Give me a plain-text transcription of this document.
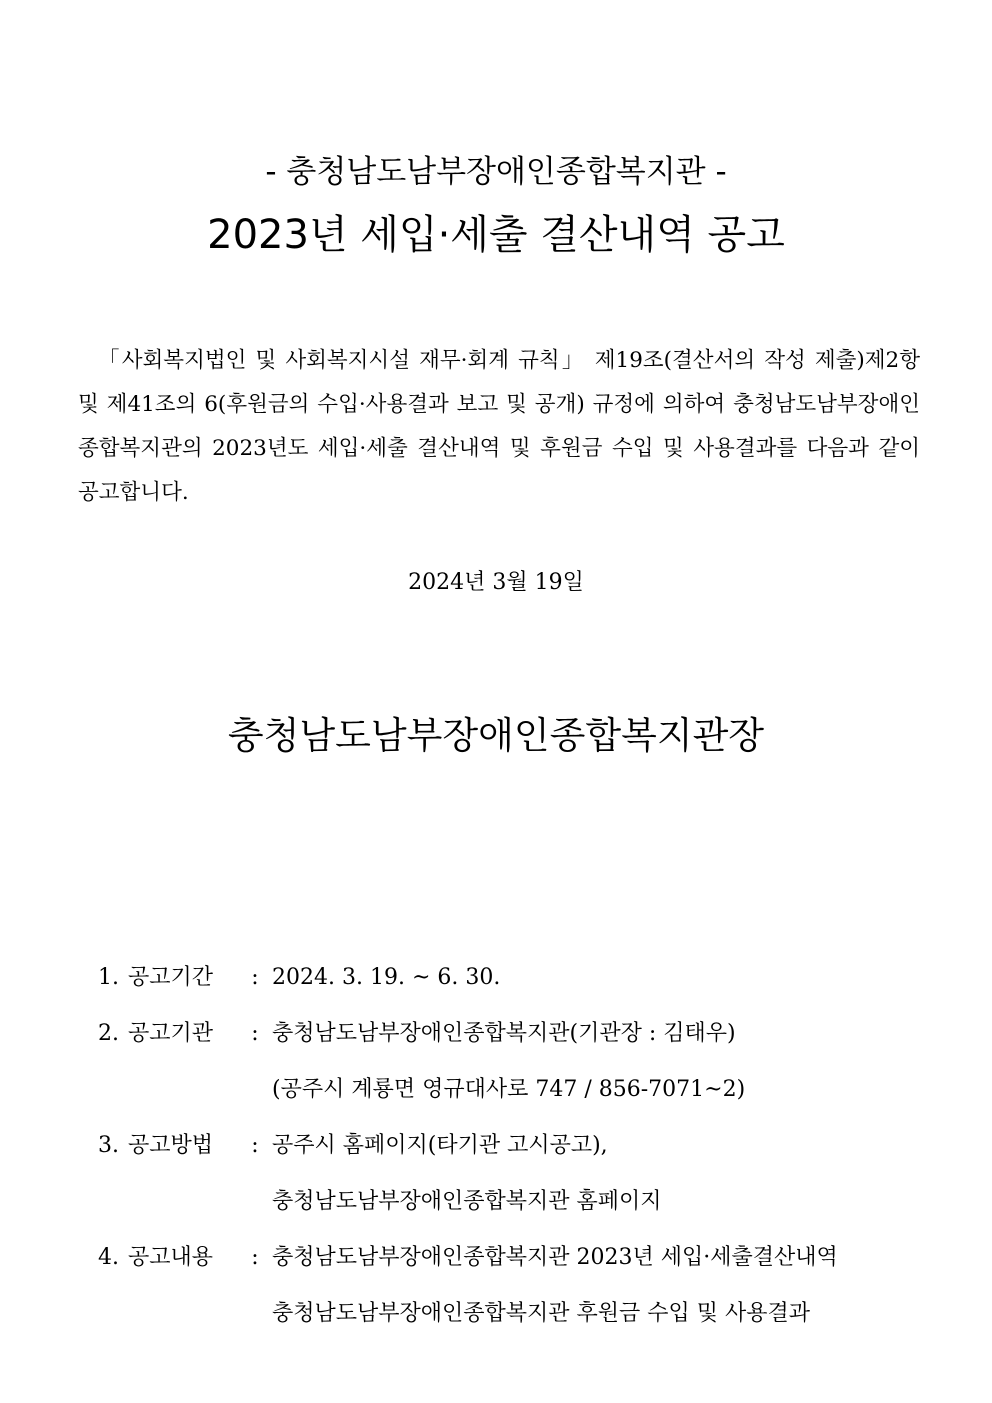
- 충청남도남부장애인종합복지관 -
2023년 세입·세출 결산내역 공고
「사회복지법인 및 사회복지시설 재무·회계 규칙」 제19조(결산서의 작성 제출)제2항 및 제41조의 6(후원금의 수입·사용결과 보고 및 공개) 규정에 의하여 충청남도남부장애인종합복지관의 2023년도 세입·세출 결산내역 및 후원금 수입 및 사용결과를 다음과 같이 공고합니다.
2024년 3월 19일
충청남도남부장애인종합복지관장
1. 공고기간	: 2024. 3. 19. ~ 6. 30.
2. 공고기관	: 충청남도남부장애인종합복지관(기관장 : 김태우)
(공주시 계룡면 영규대사로 747 / 856-7071~2)
3. 공고방법	: 공주시 홈페이지(타기관 고시공고),
충청남도남부장애인종합복지관 홈페이지
4. 공고내용	: 충청남도남부장애인종합복지관 2023년 세입·세출결산내역
충청남도남부장애인종합복지관 후원금 수입 및 사용결과
